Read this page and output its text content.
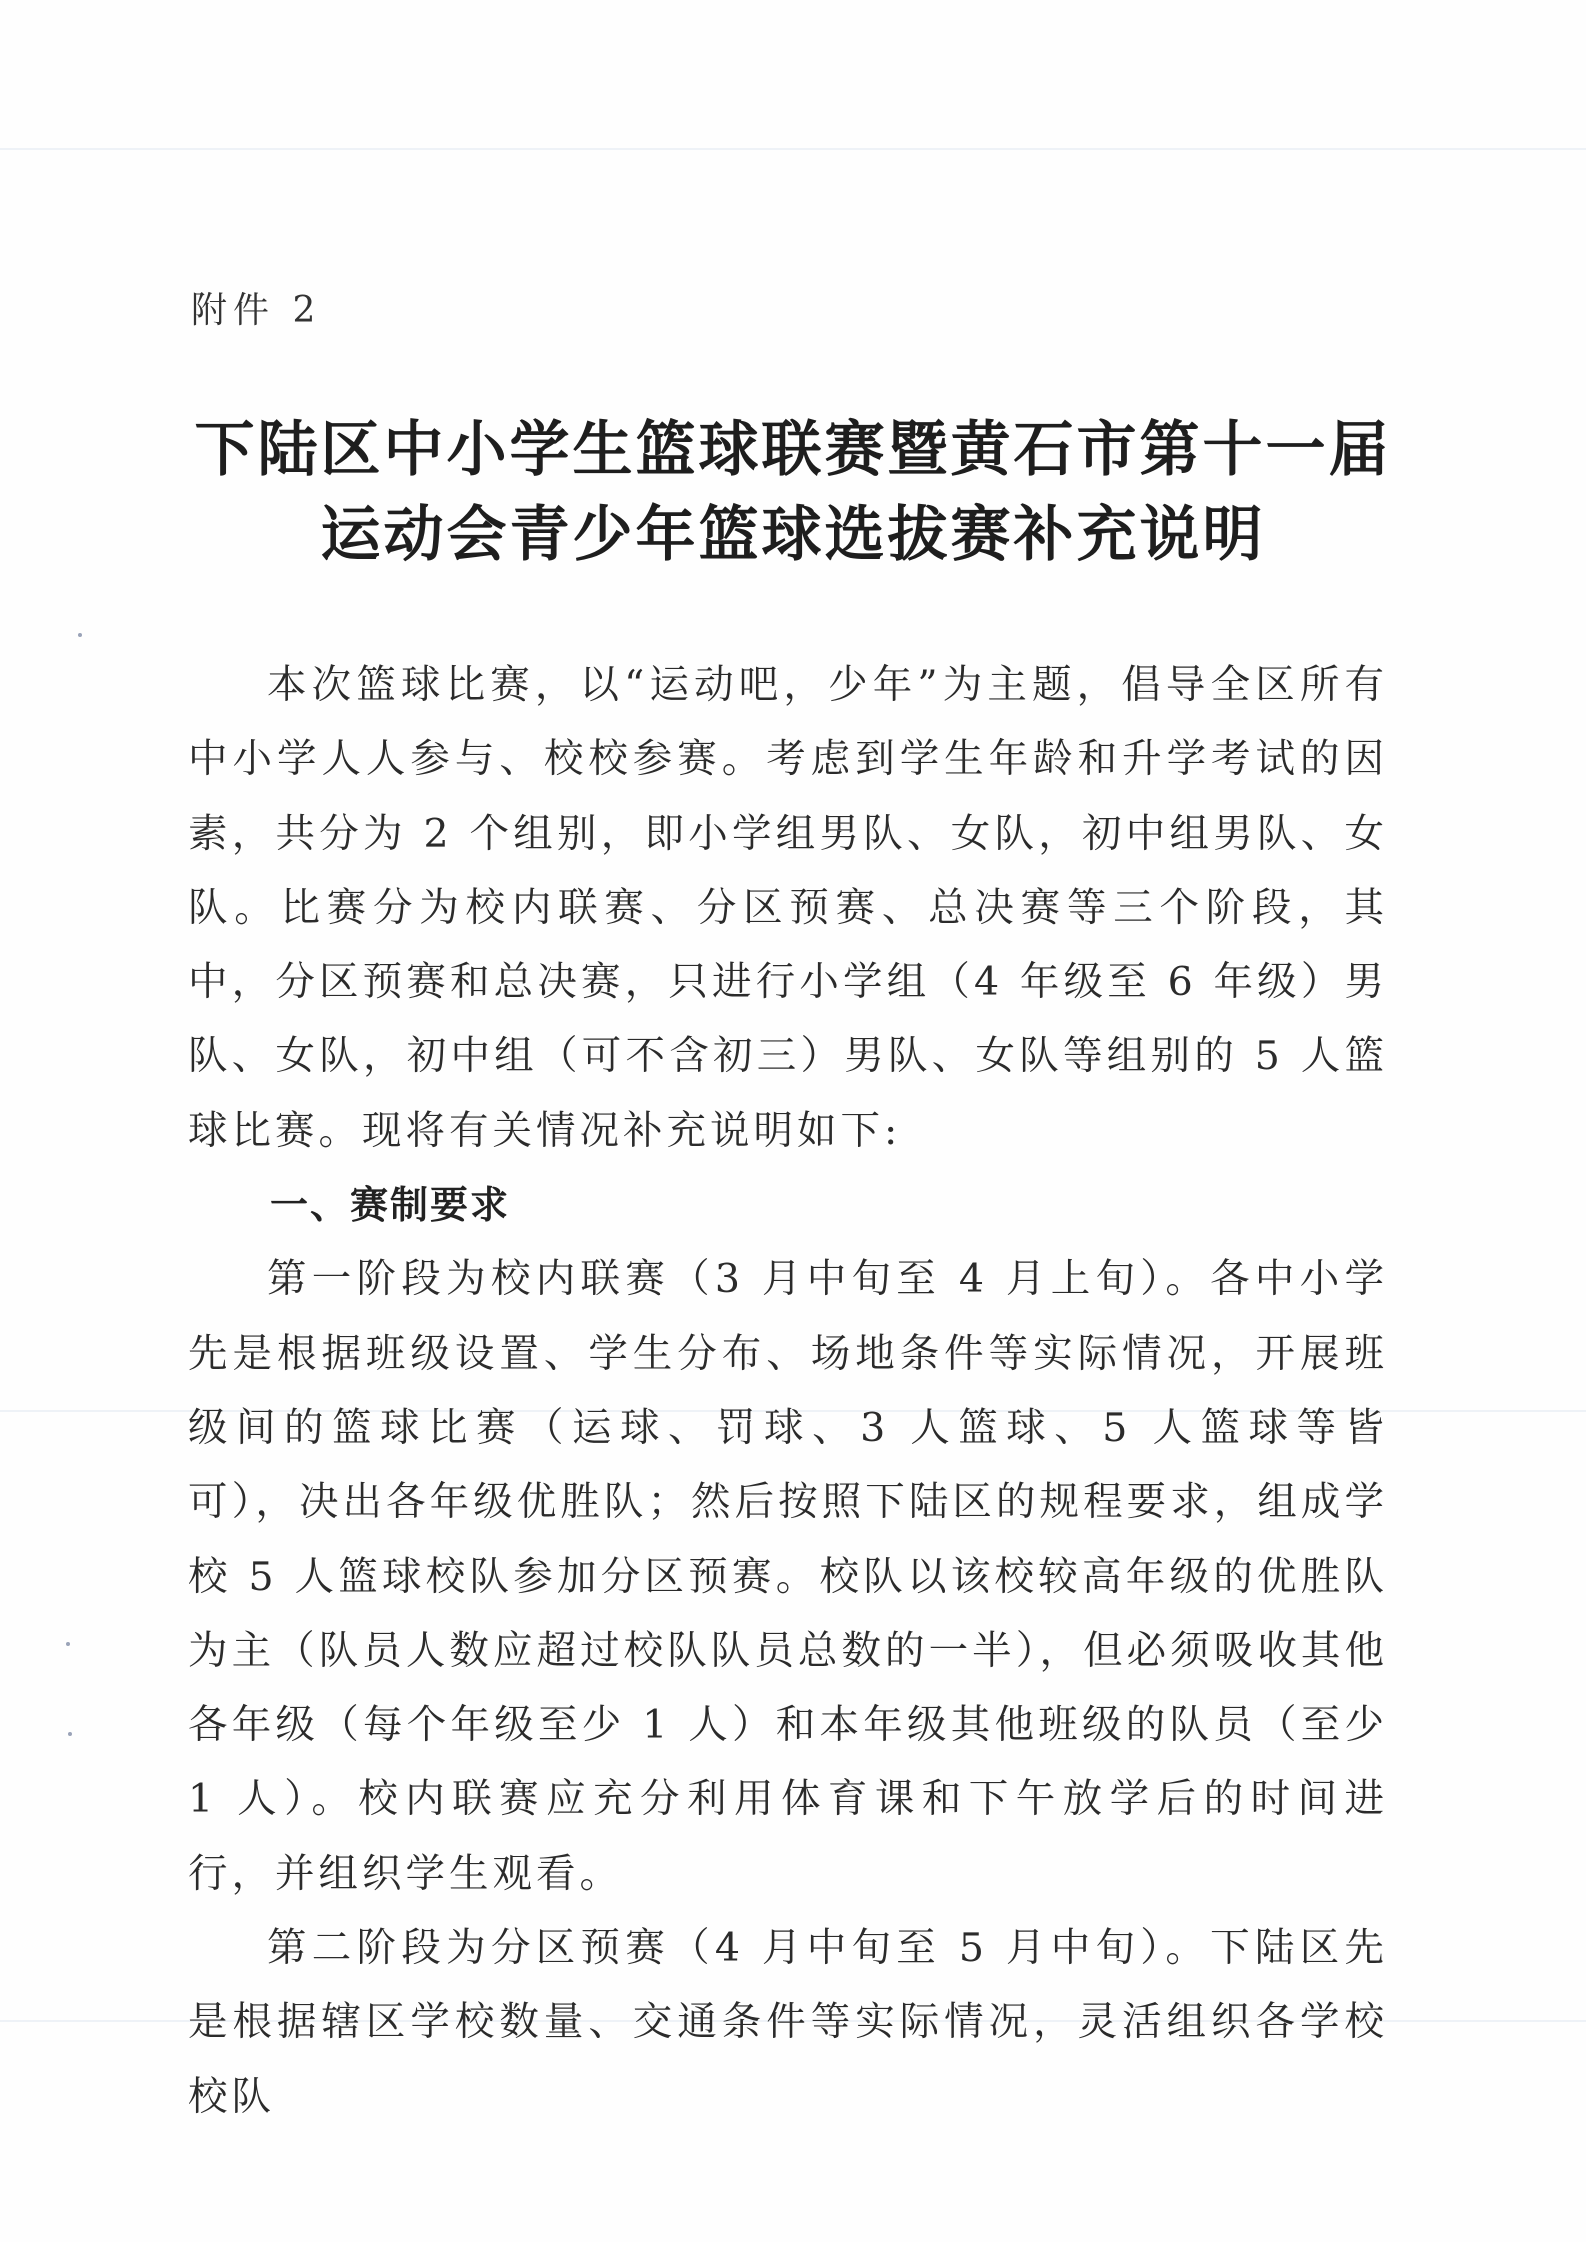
附件 2
下陆区中小学生篮球联赛暨黄石市第十一届
运动会青少年篮球选拔赛补充说明

本次篮球比赛，以“运动吧，少年”为主题，倡导全区所有中小学人人参与、校校参赛。考虑到学生年龄和升学考试的因素，共分为 2 个组别，即小学组男队、女队，初中组男队、女队。比赛分为校内联赛、分区预赛、总决赛等三个阶段，其中，分区预赛和总决赛，只进行小学组（4 年级至 6 年级）男队、女队，初中组（可不含初三）男队、女队等组别的 5 人篮球比赛。现将有关情况补充说明如下:

一、赛制要求

第一阶段为校内联赛（3 月中旬至 4 月上旬）。各中小学先是根据班级设置、学生分布、场地条件等实际情况，开展班级间的篮球比赛（运球、罚球、3 人篮球、5 人篮球等皆可），决出各年级优胜队；然后按照下陆区的规程要求，组成学校 5 人篮球校队参加分区预赛。校队以该校较高年级的优胜队为主（队员人数应超过校队队员总数的一半），但必须吸收其他各年级（每个年级至少 1 人）和本年级其他班级的队员（至少 1 人）。校内联赛应充分利用体育课和下午放学后的时间进行，并组织学生观看。

第二阶段为分区预赛（4 月中旬至 5 月中旬）。下陆区先是根据辖区学校数量、交通条件等实际情况，灵活组织各学校校队
